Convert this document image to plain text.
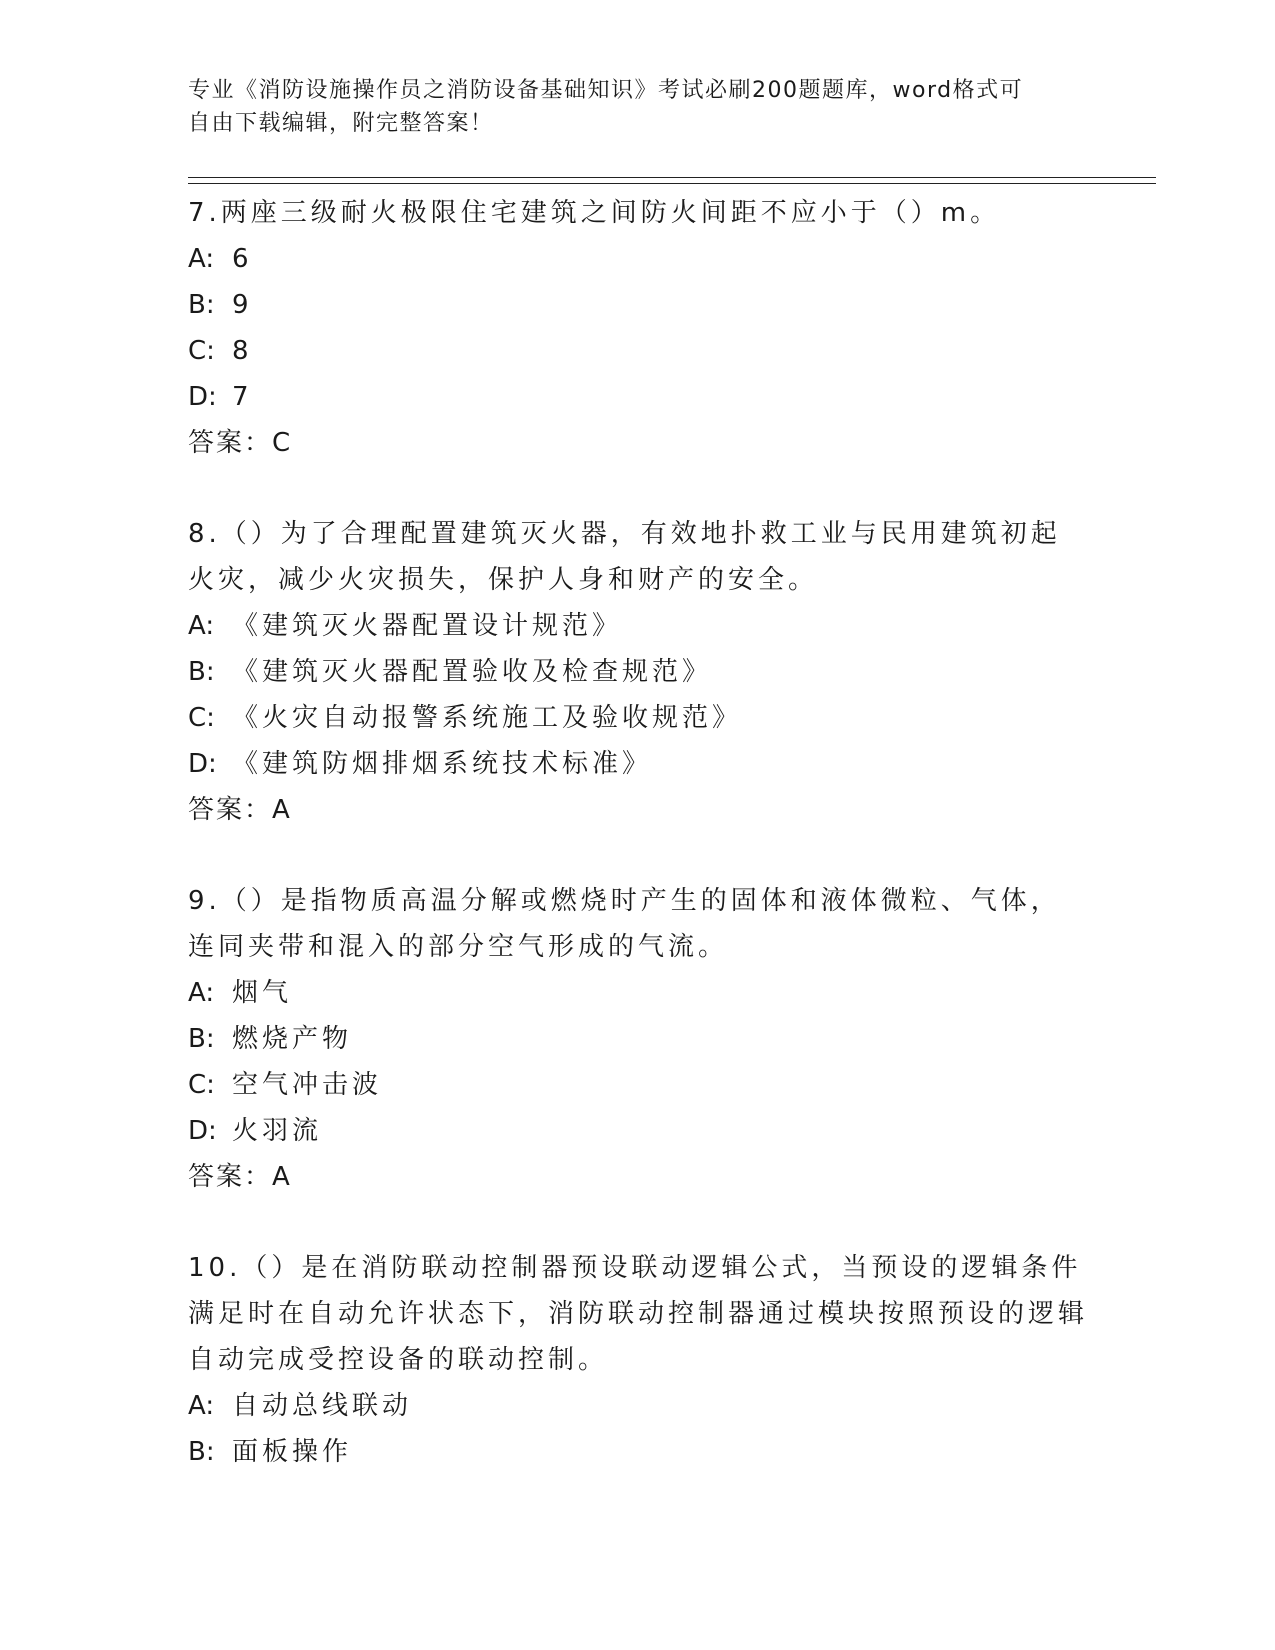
专业《消防设施操作员之消防设备基础知识》考试必刷200题题库，word格式可
自由下载编辑，附完整答案！

7.两座三级耐火极限住宅建筑之间防火间距不应小于（）m。

A: 6

B: 9

C: 8

D: 7

答案：C

8.（）为了合理配置建筑灭火器，有效地扑救工业与民用建筑初起火灾，减少火灾损失，保护人身和财产的安全。

A: 《建筑灭火器配置设计规范》

B: 《建筑灭火器配置验收及检查规范》

C: 《火灾自动报警系统施工及验收规范》

D: 《建筑防烟排烟系统技术标准》

答案：A

9.（）是指物质高温分解或燃烧时产生的固体和液体微粒、气体，连同夹带和混入的部分空气形成的气流。

A: 烟气

B: 燃烧产物

C: 空气冲击波

D: 火羽流

答案：A

10.（）是在消防联动控制器预设联动逻辑公式，当预设的逻辑条件满足时在自动允许状态下，消防联动控制器通过模块按照预设的逻辑自动完成受控设备的联动控制。

A: 自动总线联动

B: 面板操作
